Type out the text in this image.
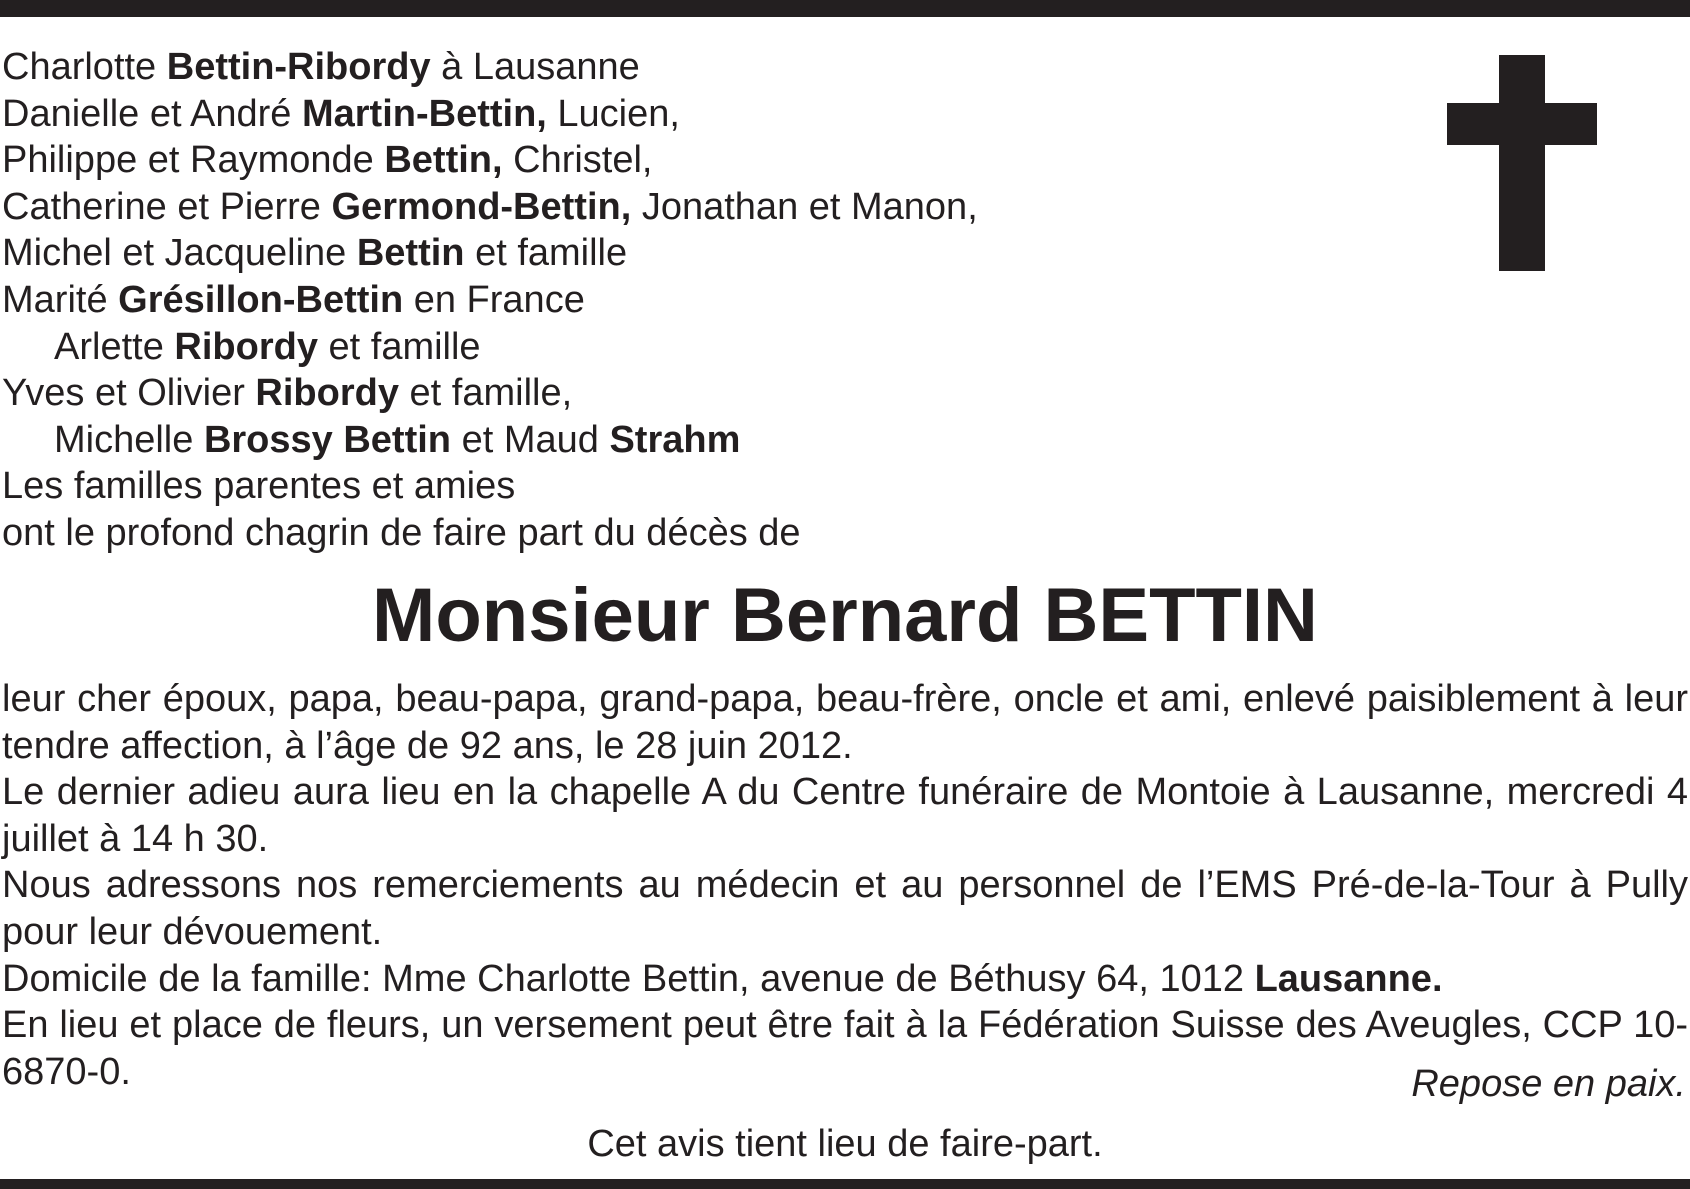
Charlotte Bettin-Ribordy à Lausanne
Danielle et André Martin-Bettin, Lucien,
Philippe et Raymonde Bettin, Christel,
Catherine et Pierre Germond-Bettin, Jonathan et Manon,
Michel et Jacqueline Bettin et famille
Marité Grésillon-Bettin en France
Arlette Ribordy et famille
Yves et Olivier Ribordy et famille,
Michelle Brossy Bettin et Maud Strahm
Les familles parentes et amies
ont le profond chagrin de faire part du décès de
Monsieur Bernard BETTIN

leur cher époux, papa, beau-papa, grand-papa, beau-frère, oncle et ami, enlevé paisiblement à leur tendre affection, à l’âge de 92 ans, le 28 juin 2012.

Le dernier adieu aura lieu en la chapelle A du Centre funéraire de Montoie à Lausanne, mercredi 4 juillet à 14 h 30.

Nous adressons nos remerciements au médecin et au personnel de l’EMS Pré-de-la-Tour à Pully pour leur dévouement.

Domicile de la famille: Mme Charlotte Bettin, avenue de Béthusy 64, 1012 Lausanne.

En lieu et place de fleurs, un versement peut être fait à la Fédération Suisse des Aveugles, CCP 10-6870-0.	Repose en paix.
Cet avis tient lieu de faire-part.
